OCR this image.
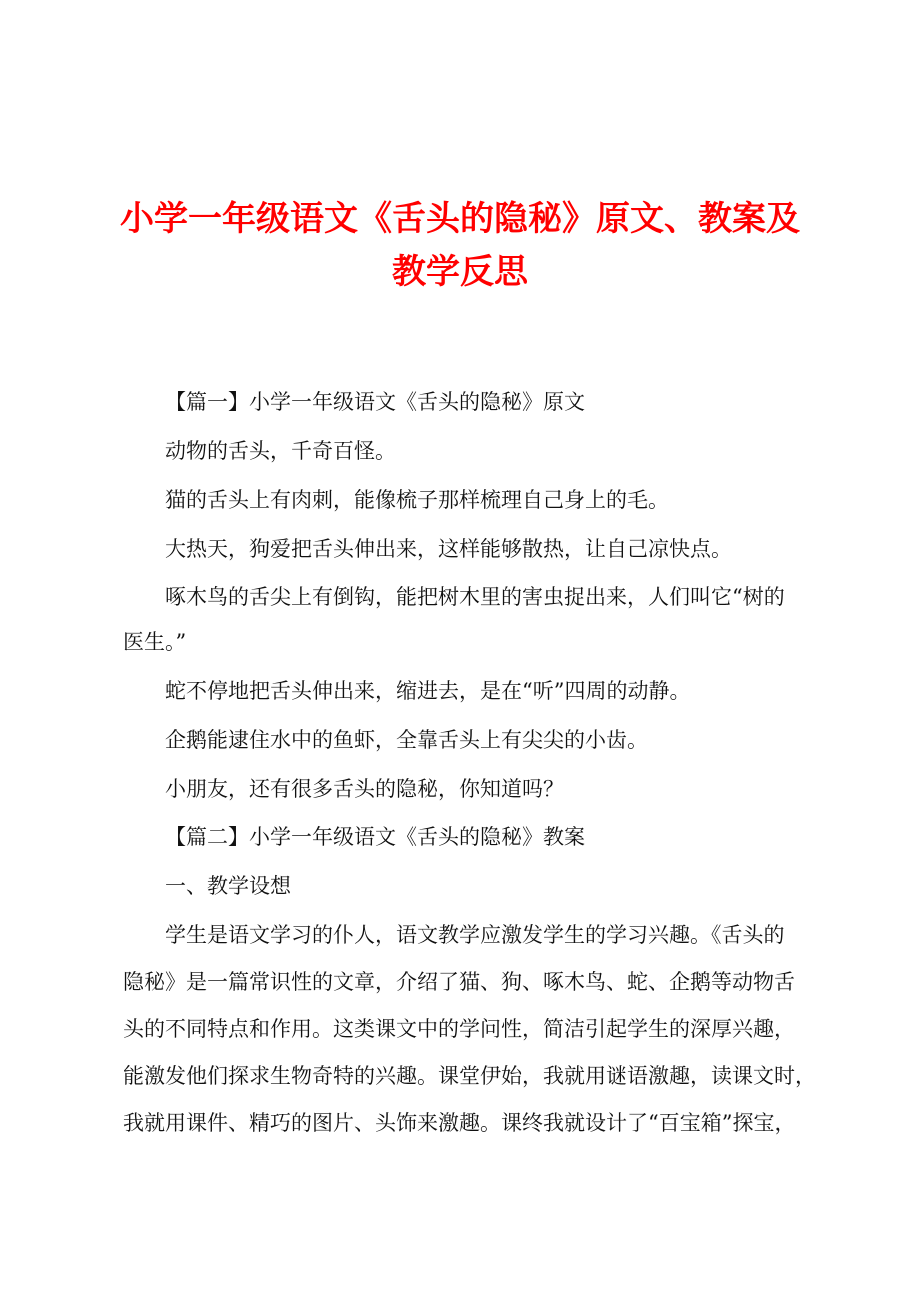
小学一年级语文《舌头的隐秘》原文、教案及
教学反思
【篇一】小学一年级语文《舌头的隐秘》原文
动物的舌头，千奇百怪。
猫的舌头上有肉刺，能像梳子那样梳理自己身上的毛。
大热天，狗爱把舌头伸出来，这样能够散热，让自己凉快点。
啄木鸟的舌尖上有倒钩，能把树木里的害虫捉出来，人们叫它“树的
医生。”
蛇不停地把舌头伸出来，缩进去，是在“听”四周的动静。
企鹅能逮住水中的鱼虾，全靠舌头上有尖尖的小齿。
小朋友，还有很多舌头的隐秘，你知道吗？
【篇二】小学一年级语文《舌头的隐秘》教案
一、教学设想
学生是语文学习的仆人，语文教学应激发学生的学习兴趣。《舌头的
隐秘》是一篇常识性的文章，介绍了猫、狗、啄木鸟、蛇、企鹅等动物舌
头的不同特点和作用。这类课文中的学问性，简洁引起学生的深厚兴趣，
能激发他们探求生物奇特的兴趣。课堂伊始，我就用谜语激趣，读课文时，
我就用课件、精巧的图片、头饰来激趣。课终我就设计了“百宝箱”探宝，
